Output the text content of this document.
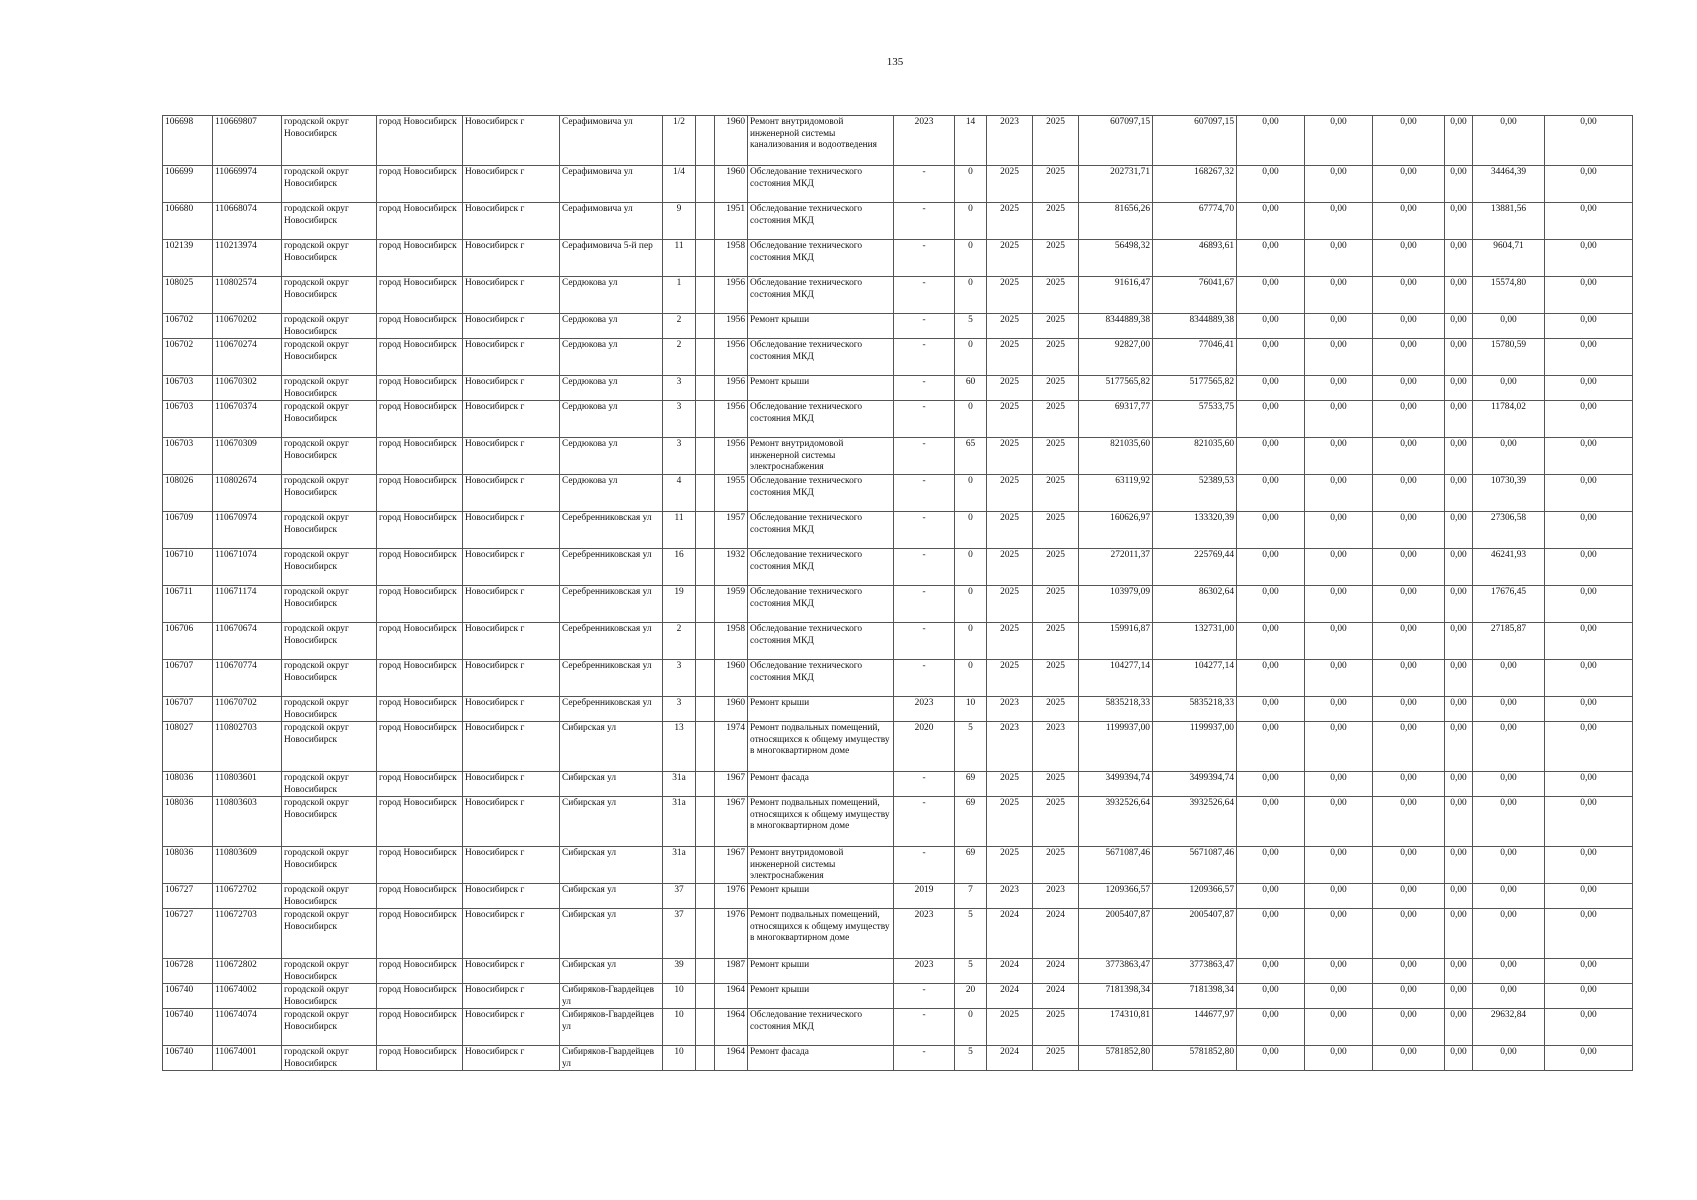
135
106698	110669807	городской округ Новосибирск	город Новосибирск	Новосибирск г	Серафимовича ул	1/2		1960	Ремонт внутридомовой инженерной системы канализования и водоотведения	2023	14	2023	2025	607097,15	607097,15	0,00	0,00	0,00	0,00	0,00	0,00
106699	110669974	городской округ Новосибирск	город Новосибирск	Новосибирск г	Серафимовича ул	1/4		1960	Обследование технического состояния МКД	-	0	2025	2025	202731,71	168267,32	0,00	0,00	0,00	0,00	34464,39	0,00
106680	110668074	городской округ Новосибирск	город Новосибирск	Новосибирск г	Серафимовича ул	9		1951	Обследование технического состояния МКД	-	0	2025	2025	81656,26	67774,70	0,00	0,00	0,00	0,00	13881,56	0,00
102139	110213974	городской округ Новосибирск	город Новосибирск	Новосибирск г	Серафимовича 5-й пер	11		1958	Обследование технического состояния МКД	-	0	2025	2025	56498,32	46893,61	0,00	0,00	0,00	0,00	9604,71	0,00
108025	110802574	городской округ Новосибирск	город Новосибирск	Новосибирск г	Сердюкова ул	1		1956	Обследование технического состояния МКД	-	0	2025	2025	91616,47	76041,67	0,00	0,00	0,00	0,00	15574,80	0,00
106702	110670202	городской округ Новосибирск	город Новосибирск	Новосибирск г	Сердюкова ул	2		1956	Ремонт крыши	-	5	2025	2025	8344889,38	8344889,38	0,00	0,00	0,00	0,00	0,00	0,00
106702	110670274	городской округ Новосибирск	город Новосибирск	Новосибирск г	Сердюкова ул	2		1956	Обследование технического состояния МКД	-	0	2025	2025	92827,00	77046,41	0,00	0,00	0,00	0,00	15780,59	0,00
106703	110670302	городской округ Новосибирск	город Новосибирск	Новосибирск г	Сердюкова ул	3		1956	Ремонт крыши	-	60	2025	2025	5177565,82	5177565,82	0,00	0,00	0,00	0,00	0,00	0,00
106703	110670374	городской округ Новосибирск	город Новосибирск	Новосибирск г	Сердюкова ул	3		1956	Обследование технического состояния МКД	-	0	2025	2025	69317,77	57533,75	0,00	0,00	0,00	0,00	11784,02	0,00
106703	110670309	городской округ Новосибирск	город Новосибирск	Новосибирск г	Сердюкова ул	3		1956	Ремонт внутридомовой инженерной системы электроснабжения	-	65	2025	2025	821035,60	821035,60	0,00	0,00	0,00	0,00	0,00	0,00
108026	110802674	городской округ Новосибирск	город Новосибирск	Новосибирск г	Сердюкова ул	4		1955	Обследование технического состояния МКД	-	0	2025	2025	63119,92	52389,53	0,00	0,00	0,00	0,00	10730,39	0,00
106709	110670974	городской округ Новосибирск	город Новосибирск	Новосибирск г	Серебренниковская ул	11		1957	Обследование технического состояния МКД	-	0	2025	2025	160626,97	133320,39	0,00	0,00	0,00	0,00	27306,58	0,00
106710	110671074	городской округ Новосибирск	город Новосибирск	Новосибирск г	Серебренниковская ул	16		1932	Обследование технического состояния МКД	-	0	2025	2025	272011,37	225769,44	0,00	0,00	0,00	0,00	46241,93	0,00
106711	110671174	городской округ Новосибирск	город Новосибирск	Новосибирск г	Серебренниковская ул	19		1959	Обследование технического состояния МКД	-	0	2025	2025	103979,09	86302,64	0,00	0,00	0,00	0,00	17676,45	0,00
106706	110670674	городской округ Новосибирск	город Новосибирск	Новосибирск г	Серебренниковская ул	2		1958	Обследование технического состояния МКД	-	0	2025	2025	159916,87	132731,00	0,00	0,00	0,00	0,00	27185,87	0,00
106707	110670774	городской округ Новосибирск	город Новосибирск	Новосибирск г	Серебренниковская ул	3		1960	Обследование технического состояния МКД	-	0	2025	2025	104277,14	104277,14	0,00	0,00	0,00	0,00	0,00	0,00
106707	110670702	городской округ Новосибирск	город Новосибирск	Новосибирск г	Серебренниковская ул	3		1960	Ремонт крыши	2023	10	2023	2025	5835218,33	5835218,33	0,00	0,00	0,00	0,00	0,00	0,00
108027	110802703	городской округ Новосибирск	город Новосибирск	Новосибирск г	Сибирская ул	13		1974	Ремонт подвальных помещений, относящихся к общему имуществу в многоквартирном доме	2020	5	2023	2023	1199937,00	1199937,00	0,00	0,00	0,00	0,00	0,00	0,00
108036	110803601	городской округ Новосибирск	город Новосибирск	Новосибирск г	Сибирская ул	31а		1967	Ремонт фасада	-	69	2025	2025	3499394,74	3499394,74	0,00	0,00	0,00	0,00	0,00	0,00
108036	110803603	городской округ Новосибирск	город Новосибирск	Новосибирск г	Сибирская ул	31а		1967	Ремонт подвальных помещений, относящихся к общему имуществу в многоквартирном доме	-	69	2025	2025	3932526,64	3932526,64	0,00	0,00	0,00	0,00	0,00	0,00
108036	110803609	городской округ Новосибирск	город Новосибирск	Новосибирск г	Сибирская ул	31а		1967	Ремонт внутридомовой инженерной системы электроснабжения	-	69	2025	2025	5671087,46	5671087,46	0,00	0,00	0,00	0,00	0,00	0,00
106727	110672702	городской округ Новосибирск	город Новосибирск	Новосибирск г	Сибирская ул	37		1976	Ремонт крыши	2019	7	2023	2023	1209366,57	1209366,57	0,00	0,00	0,00	0,00	0,00	0,00
106727	110672703	городской округ Новосибирск	город Новосибирск	Новосибирск г	Сибирская ул	37		1976	Ремонт подвальных помещений, относящихся к общему имуществу в многоквартирном доме	2023	5	2024	2024	2005407,87	2005407,87	0,00	0,00	0,00	0,00	0,00	0,00
106728	110672802	городской округ Новосибирск	город Новосибирск	Новосибирск г	Сибирская ул	39		1987	Ремонт крыши	2023	5	2024	2024	3773863,47	3773863,47	0,00	0,00	0,00	0,00	0,00	0,00
106740	110674002	городской округ Новосибирск	город Новосибирск	Новосибирск г	Сибиряков-Гвардейцев ул	10		1964	Ремонт крыши	-	20	2024	2024	7181398,34	7181398,34	0,00	0,00	0,00	0,00	0,00	0,00
106740	110674074	городской округ Новосибирск	город Новосибирск	Новосибирск г	Сибиряков-Гвардейцев ул	10		1964	Обследование технического состояния МКД	-	0	2025	2025	174310,81	144677,97	0,00	0,00	0,00	0,00	29632,84	0,00
106740	110674001	городской округ Новосибирск	город Новосибирск	Новосибирск г	Сибиряков-Гвардейцев ул	10		1964	Ремонт фасада	-	5	2024	2025	5781852,80	5781852,80	0,00	0,00	0,00	0,00	0,00	0,00
